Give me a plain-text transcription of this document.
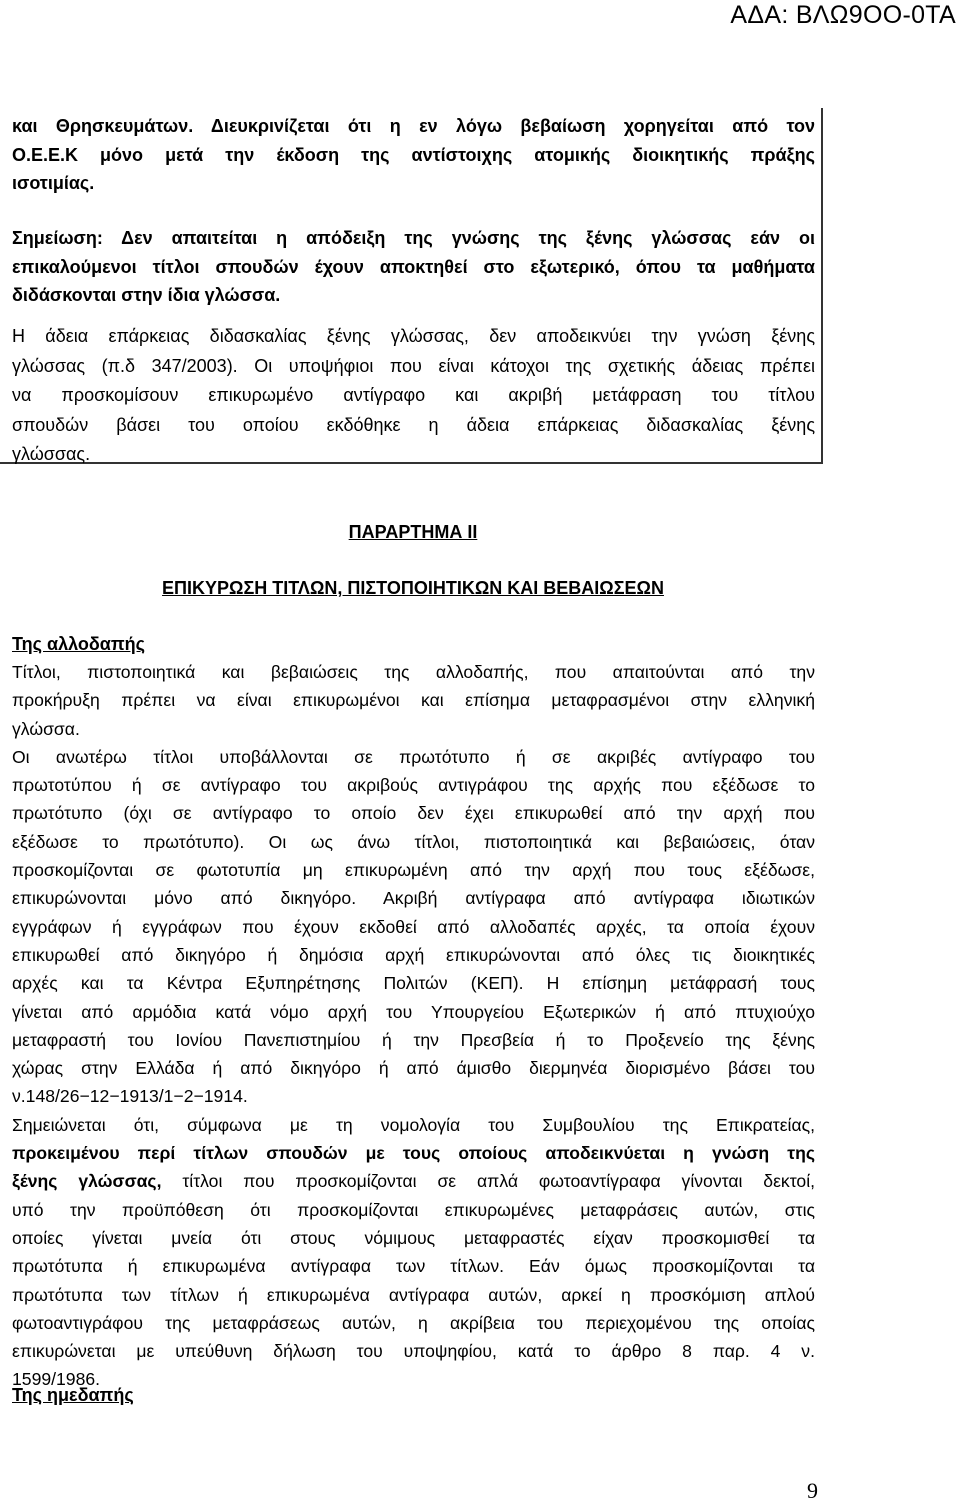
ΑΔΑ: ΒΛΩ9ΟΟ-0ΤΑ
και Θρησκευμάτων. Διευκρινίζεται ότι η εν λόγω βεβαίωση χορηγείται από τον
Ο.Ε.Ε.Κ μόνο μετά την έκδοση της αντίστοιχης ατομικής διοικητικής πράξης
ισοτιμίας.
Σημείωση: Δεν απαιτείται η απόδειξη της γνώσης της ξένης γλώσσας εάν οι
επικαλούμενοι τίτλοι σπουδών έχουν αποκτηθεί στο εξωτερικό, όπου τα μαθήματα
διδάσκονται στην ίδια γλώσσα.
Η άδεια επάρκειας διδασκαλίας ξένης γλώσσας, δεν αποδεικνύει την γνώση ξένης
γλώσσας (π.δ 347/2003). Οι υποψήφιοι που είναι κάτοχοι της σχετικής άδειας πρέπει
να προσκομίσουν επικυρωμένο αντίγραφο και ακριβή μετάφραση του τίτλου
σπουδών βάσει του οποίου εκδόθηκε η άδεια επάρκειας διδασκαλίας ξένης
γλώσσας.
ΠΑΡΑΡΤΗΜΑ ΙΙ
ΕΠΙΚΥΡΩΣΗ ΤΙΤΛΩΝ, ΠΙΣΤΟΠΟΙΗΤΙΚΩΝ ΚΑΙ ΒΕΒΑΙΩΣΕΩΝ
Της αλλοδαπής
Τίτλοι, πιστοποιητικά και βεβαιώσεις της αλλοδαπής, που απαιτούνται από την
προκήρυξη πρέπει να είναι επικυρωμένοι και επίσημα μεταφρασμένοι στην ελληνική
γλώσσα.
Οι ανωτέρω τίτλοι υποβάλλονται σε πρωτότυπο ή σε ακριβές αντίγραφο του
πρωτοτύπου ή σε αντίγραφο του ακριβούς αντιγράφου της αρχής που εξέδωσε το
πρωτότυπο (όχι σε αντίγραφο το οποίο δεν έχει επικυρωθεί από την αρχή που
εξέδωσε το πρωτότυπο). Οι ως άνω τίτλοι, πιστοποιητικά και βεβαιώσεις, όταν
προσκομίζονται σε φωτοτυπία μη επικυρωμένη από την αρχή που τους εξέδωσε,
επικυρώνονται μόνο από δικηγόρο. Ακριβή αντίγραφα από αντίγραφα ιδιωτικών
εγγράφων ή εγγράφων που έχουν εκδοθεί από αλλοδαπές αρχές, τα οποία έχουν
επικυρωθεί από δικηγόρο ή δημόσια αρχή επικυρώνονται από όλες τις διοικητικές
αρχές και τα Κέντρα Εξυπηρέτησης Πολιτών (ΚΕΠ). Η επίσημη μετάφρασή τους
γίνεται από αρμόδια κατά νόμο αρχή του Υπουργείου Εξωτερικών ή από πτυχιούχο
μεταφραστή του Ιονίου Πανεπιστημίου ή την Πρεσβεία ή το Προξενείο της ξένης
χώρας στην Ελλάδα ή από δικηγόρο ή από άμισθο διερμηνέα διορισμένο βάσει του
ν.148/26−12−1913/1−2−1914.
Σημειώνεται ότι, σύμφωνα με τη νομολογία του Συμβουλίου της Επικρατείας,
προκειμένου περί τίτλων σπουδών με τους οποίους αποδεικνύεται η γνώση της
ξένης γλώσσας, τίτλοι που προσκομίζονται σε απλά φωτοαντίγραφα γίνονται δεκτοί,
υπό την προϋπόθεση ότι προσκομίζονται επικυρωμένες μεταφράσεις αυτών, στις
οποίες γίνεται μνεία ότι στους νόμιμους μεταφραστές είχαν προσκομισθεί τα
πρωτότυπα ή επικυρωμένα αντίγραφα των τίτλων. Εάν όμως προσκομίζονται τα
πρωτότυπα των τίτλων ή επικυρωμένα αντίγραφα αυτών, αρκεί η προσκόμιση απλού
φωτοαντιγράφου της μεταφράσεως αυτών, η ακρίβεια του περιεχομένου της οποίας
επικυρώνεται με υπεύθυνη δήλωση του υποψηφίου, κατά το άρθρο 8 παρ. 4 ν.
1599/1986.
Της ημεδαπής
9
